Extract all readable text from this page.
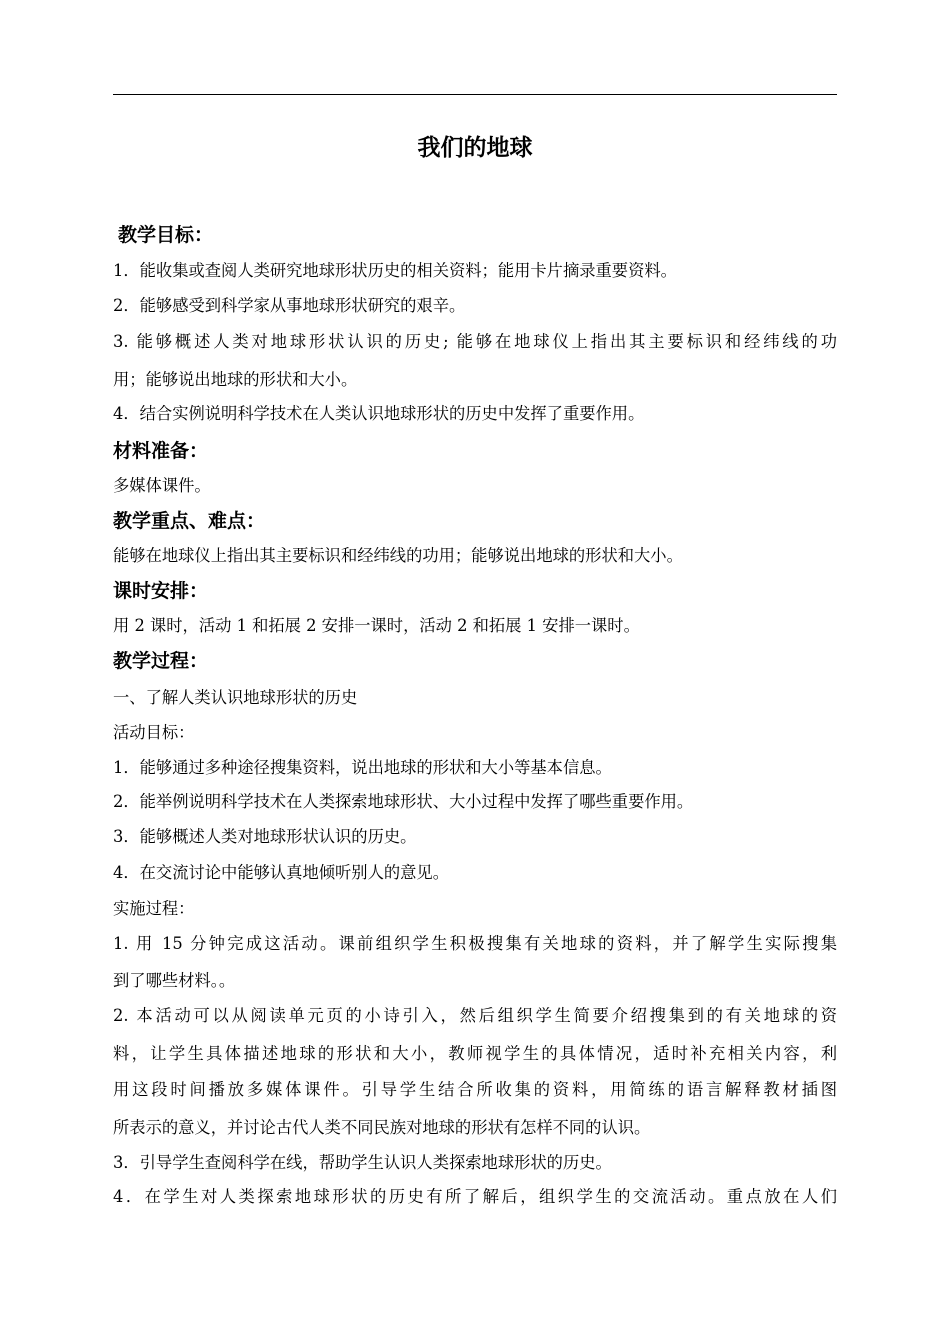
我们的地球
教学目标：
1．能收集或查阅人类研究地球形状历史的相关资料；能用卡片摘录重要资料。
2．能够感受到科学家从事地球形状研究的艰辛。
3. 能够概述人类对地球形状认识的历史; 能够在地球仪上指出其主要标识和经纬线的功
用；能够说出地球的形状和大小。
4．结合实例说明科学技术在人类认识地球形状的历史中发挥了重要作用。
材料准备：
多媒体课件。
教学重点、难点：
能够在地球仪上指出其主要标识和经纬线的功用；能够说出地球的形状和大小。
课时安排：
用 2 课时，活动 1 和拓展 2 安排一课时，活动 2 和拓展 1 安排一课时。
教学过程：
一、了解人类认识地球形状的历史
活动目标：
1．能够通过多种途径搜集资料，说出地球的形状和大小等基本信息。
2．能举例说明科学技术在人类探索地球形状、大小过程中发挥了哪些重要作用。
3．能够概述人类对地球形状认识的历史。
4．在交流讨论中能够认真地倾听别人的意见。
实施过程：
1. 用 15 分钟完成这活动。课前组织学生积极搜集有关地球的资料，并了解学生实际搜集
到了哪些材料。。
2. 本活动可以从阅读单元页的小诗引入，然后组织学生简要介绍搜集到的有关地球的资
料，让学生具体描述地球的形状和大小，教师视学生的具体情况，适时补充相关内容，利
用这段时间播放多媒体课件。引导学生结合所收集的资料，用简练的语言解释教材插图
所表示的意义，并讨论古代人类不同民族对地球的形状有怎样不同的认识。
3．引导学生查阅科学在线，帮助学生认识人类探索地球形状的历史。
4．在学生对人类探索地球形状的历史有所了解后，组织学生的交流活动。重点放在人们
